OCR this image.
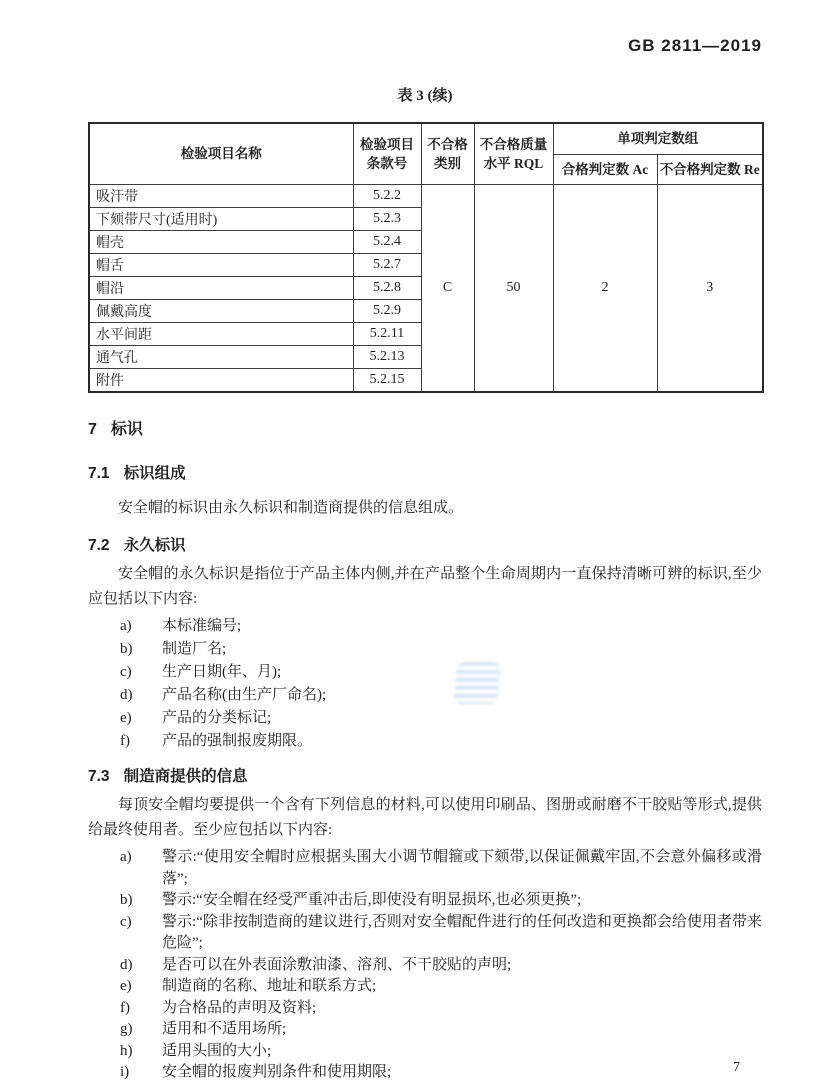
GB 2811—2019
表 3 (续)
检验项目名称	检验项目条款号	不合格类别	不合格质量水平 RQL	单项判定数组	
				合格判定数 Ac	不合格判定数 Re
吸汗带	5.2.2	C	50	2	3
下颏带尺寸(适用时)	5.2.3				
帽壳	5.2.4				
帽舌	5.2.7				
帽沿	5.2.8				
佩戴高度	5.2.9				
水平间距	5.2.11				
通气孔	5.2.13				
附件	5.2.15				
7 标识
7.1 标识组成
安全帽的标识由永久标识和制造商提供的信息组成。
7.2 永久标识
安全帽的永久标识是指位于产品主体内侧,并在产品整个生命周期内一直保持清晰可辨的标识,至少应包括以下内容:
a)	本标准编号;
b)	制造厂名;
c)	生产日期(年、月);
d)	产品名称(由生产厂命名);
e)	产品的分类标记;
f)	产品的强制报废期限。
7.3 制造商提供的信息
每顶安全帽均要提供一个含有下列信息的材料,可以使用印刷品、图册或耐磨不干胶贴等形式,提供给最终使用者。至少应包括以下内容:
a)	警示:“使用安全帽时应根据头围大小调节帽箍或下颏带,以保证佩戴牢固,不会意外偏移或滑落”;
b)	警示:“安全帽在经受严重冲击后,即使没有明显损坏,也必须更换”;
c)	警示:“除非按制造商的建议进行,否则对安全帽配件进行的任何改造和更换都会给使用者带来危险”;
d)	是否可以在外表面涂敷油漆、溶剂、不干胶贴的声明;
e)	制造商的名称、地址和联系方式;
f)	为合格品的声明及资料;
g)	适用和不适用场所;
h)	适用头围的大小;
i)	安全帽的报废判别条件和使用期限;	7
